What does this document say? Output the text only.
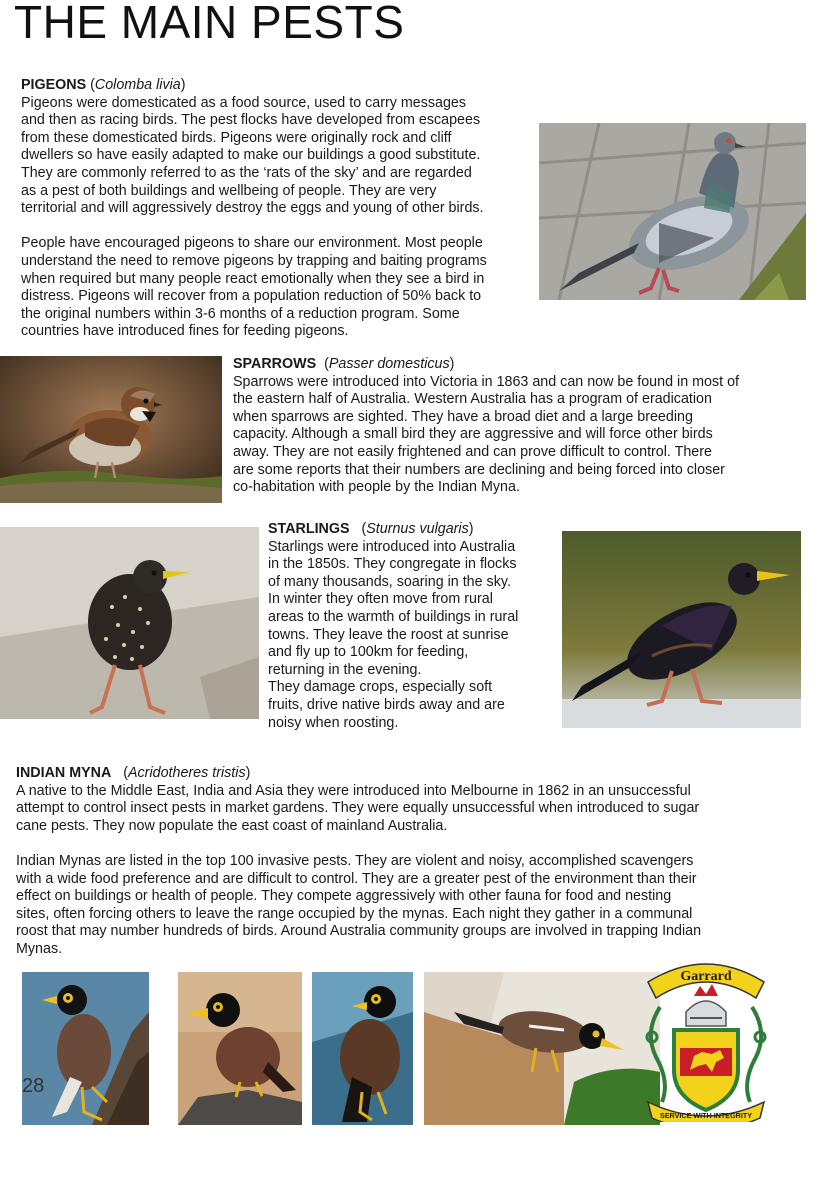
THE MAIN PESTS

PIGEONS (Colomba livia)

Pigeons were domesticated as a food source, used to carry messages

and then as racing birds. The pest flocks have developed from escapees

from these domesticated birds. Pigeons were originally rock and cliff

dwellers so have easily adapted to make our buildings a good substitute.

They are commonly referred to as the ‘rats of the sky’ and are regarded

as a pest of both buildings and wellbeing of people. They are very

territorial and will aggressively destroy the eggs and young of other birds.

People have encouraged pigeons to share our environment. Most people

understand the need to remove pigeons by trapping and baiting programs

when required but many people react emotionally when they see a bird in

distress. Pigeons will recover from a population reduction of 50% back to

the original numbers within 3-6 months of a reduction program. Some

countries have introduced fines for feeding pigeons.

SPARROWS  (Passer domesticus)

Sparrows were introduced into Victoria in 1863 and can now be found in most of

the eastern half of Australia. Western Australia has a program of eradication

when sparrows are sighted. They have a broad diet and a large breeding

capacity. Although a small bird they are aggressive and will force other birds

away. They are not easily frightened and can prove difficult to control. There

are some reports that their numbers are declining and being forced into closer

co-habitation with people by the Indian Myna.

STARLINGS   (Sturnus vulgaris)

Starlings were introduced into Australia

in the 1850s. They congregate in flocks

of many thousands, soaring in the sky.

In winter they often move from rural

areas to the warmth of buildings in rural

towns. They leave the roost at sunrise

and fly up to 100km for feeding,

returning in the evening.

They damage crops, especially soft

fruits, drive native birds away and are

noisy when roosting.

INDIAN MYNA   (Acridotheres tristis)

A native to the Middle East, India and Asia they were introduced into Melbourne in 1862 in an unsuccessful

attempt to control insect pests in market gardens. They were equally unsuccessful when introduced to sugar

cane pests. They now populate the east coast of mainland Australia.

Indian Mynas are listed in the top 100 invasive pests. They are violent and noisy, accomplished scavengers

with a wide food preference and are difficult to control. They are a greater pest of the environment than their

effect on buildings or health of people. They compete aggressively with other fauna for food and nesting

sites, often forcing others to leave the range occupied by the mynas. Each night they gather in a communal

roost that may number hundreds of birds. Around Australia community groups are involved in trapping Indian

Mynas.

28
Garrard
SERVICE WITH INTEGRITY
